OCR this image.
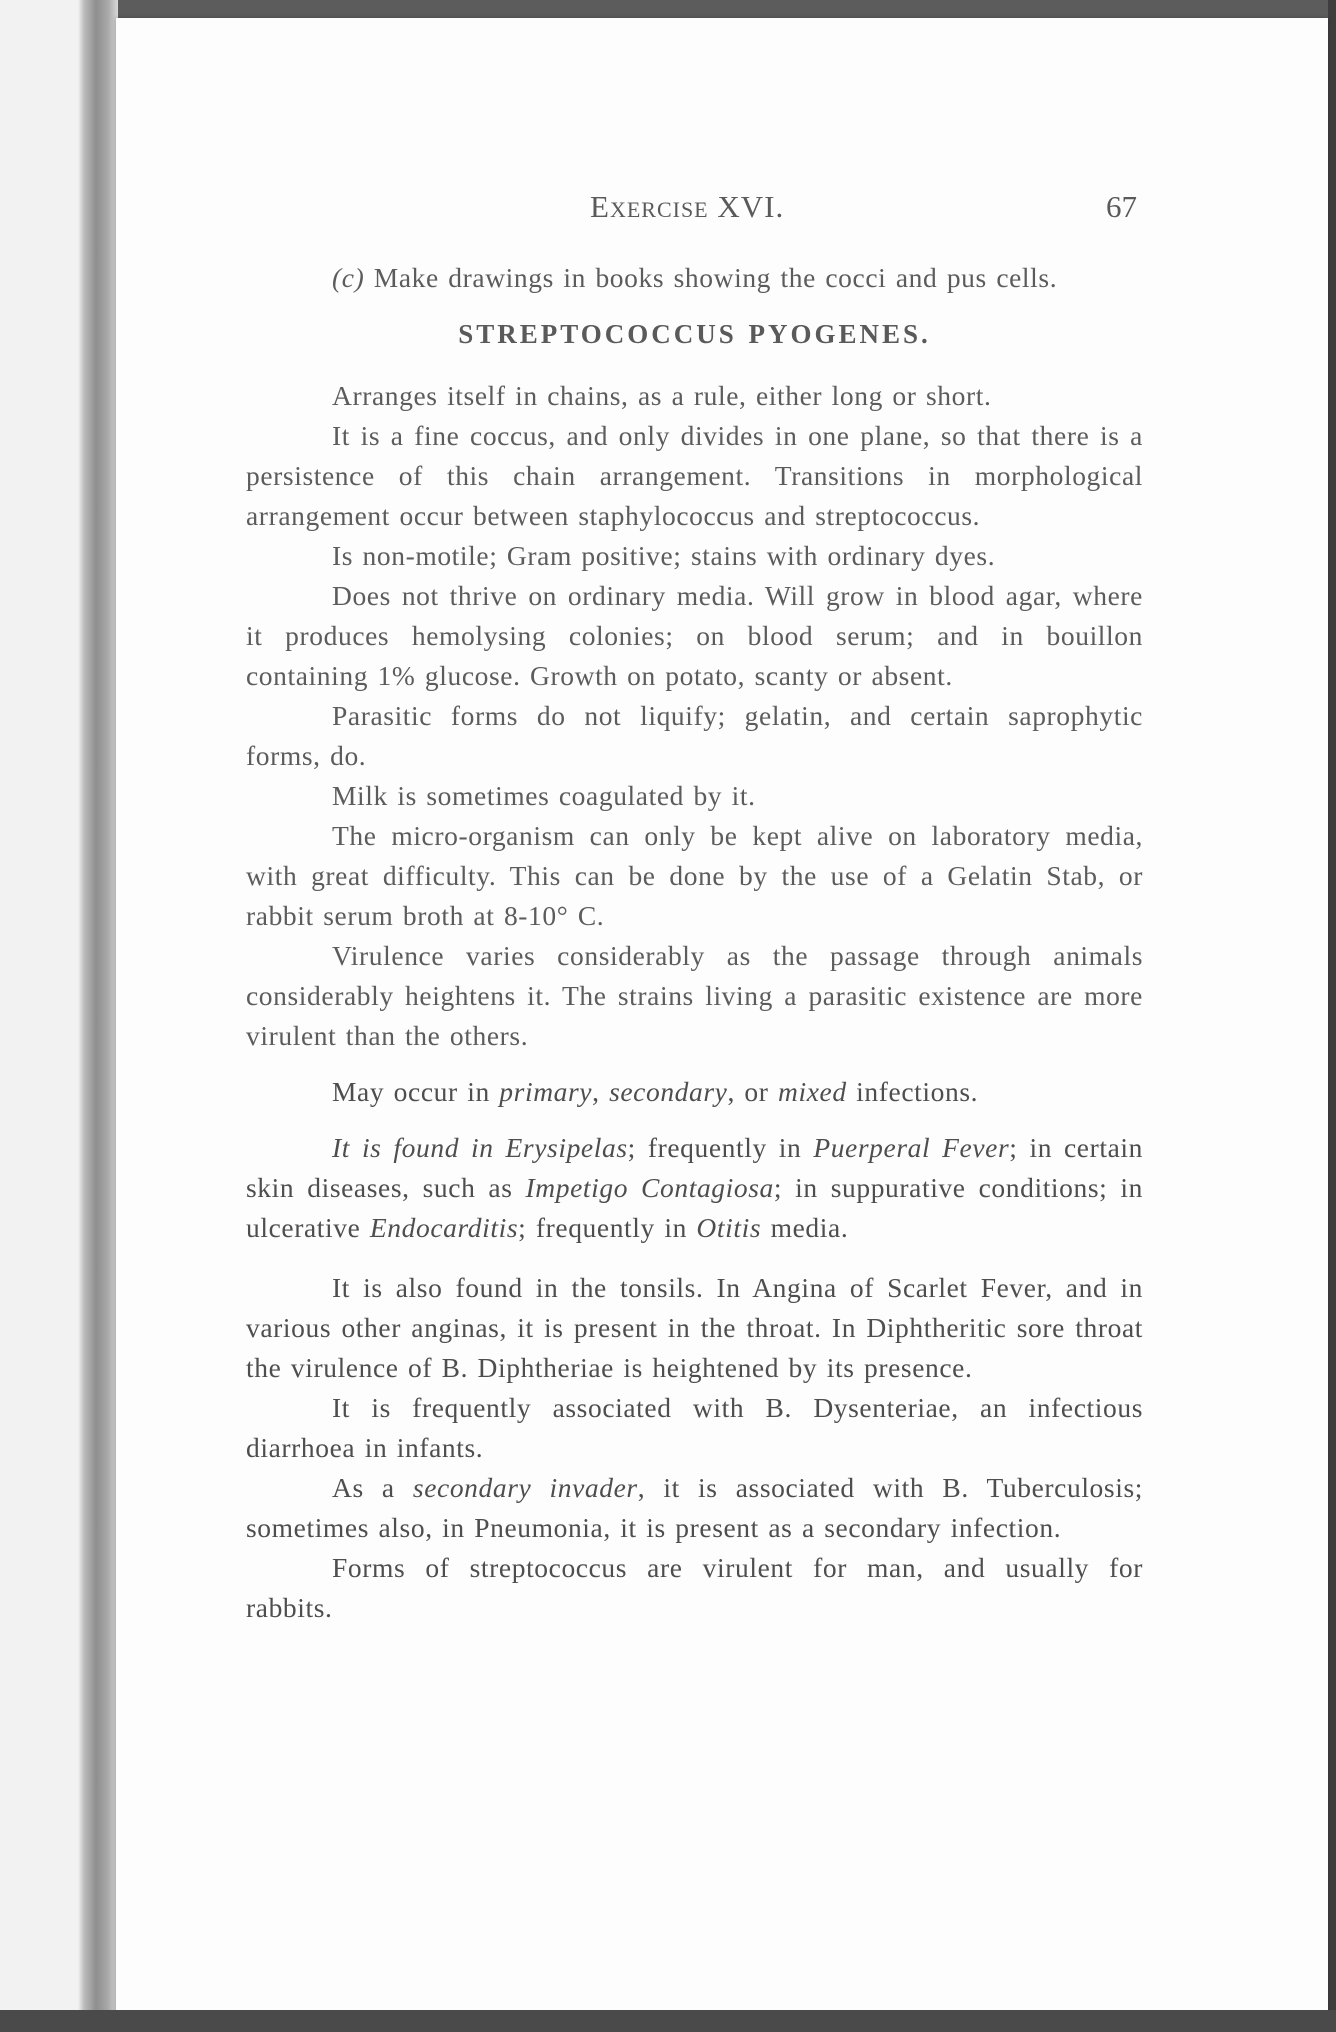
Exercise XVI.	67

(c) Make drawings in books showing the cocci and pus cells.

STREPTOCOCCUS PYOGENES.

Arranges itself in chains, as a rule, either long or short.

It is a fine coccus, and only divides in one plane, so that there is a persistence of this chain arrangement. Transitions in morphological arrangement occur between staphylococcus and streptococcus.

Is non-motile; Gram positive; stains with ordinary dyes.

Does not thrive on ordinary media. Will grow in blood agar, where it produces hemolysing colonies; on blood serum; and in bouillon containing 1% glucose. Growth on potato, scanty or absent.

Parasitic forms do not liquify; gelatin, and certain saprophytic forms, do.

Milk is sometimes coagulated by it.

The micro-organism can only be kept alive on laboratory media, with great difficulty. This can be done by the use of a Gelatin Stab, or rabbit serum broth at 8-10° C.

Virulence varies considerably as the passage through animals considerably heightens it. The strains living a parasitic existence are more virulent than the others.

May occur in primary, secondary, or mixed infections.

It is found in Erysipelas; frequently in Puerperal Fever; in certain skin diseases, such as Impetigo Contagiosa; in suppurative conditions; in ulcerative Endocarditis; frequently in Otitis media.

It is also found in the tonsils. In Angina of Scarlet Fever, and in various other anginas, it is present in the throat. In Diphtheritic sore throat the virulence of B. Diphtheriae is heightened by its presence.

It is frequently associated with B. Dysenteriae, an infectious diarrhoea in infants.

As a secondary invader, it is associated with B. Tuberculosis; sometimes also, in Pneumonia, it is present as a secondary infection.

Forms of streptococcus are virulent for man, and usually for rabbits.
